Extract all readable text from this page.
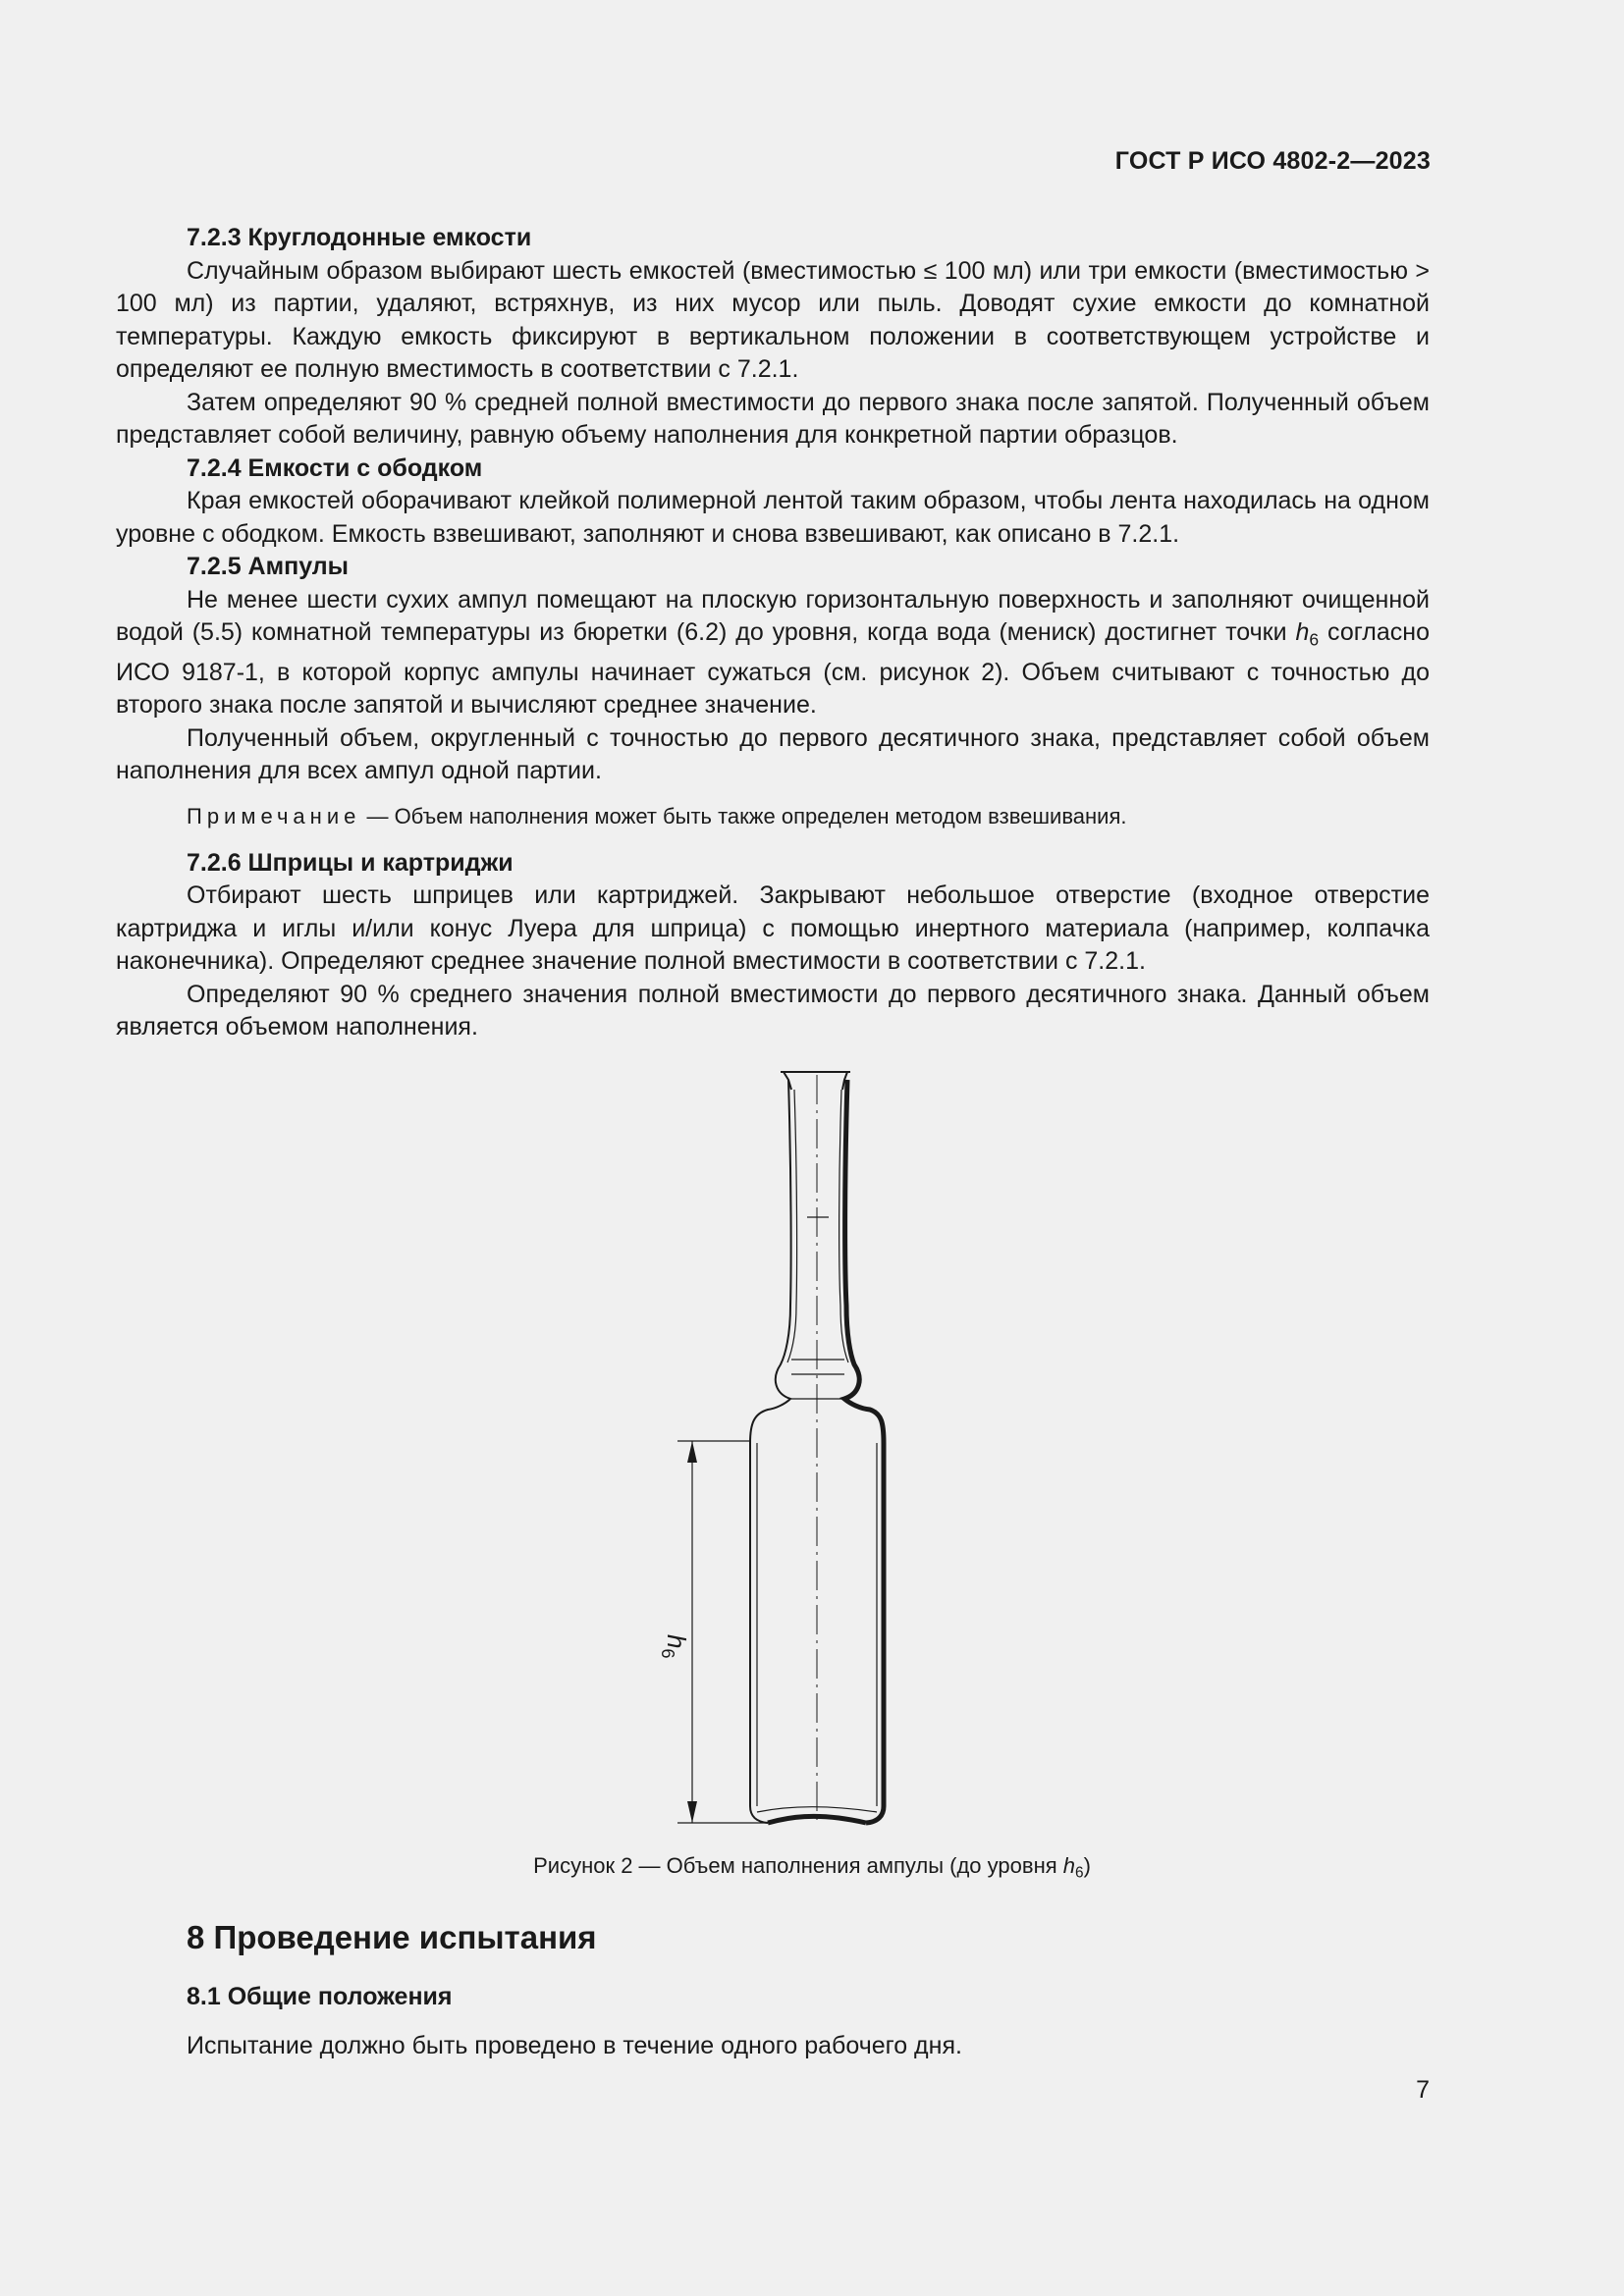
ГОСТ Р ИСО 4802-2—2023
7.2.3 Круглодонные емкости

Случайным образом выбирают шесть емкостей (вместимостью ≤ 100 мл) или три емкости (вместимостью > 100 мл) из партии, удаляют, встряхнув, из них мусор или пыль. Доводят сухие емкости до комнатной температуры. Каждую емкость фиксируют в вертикальном положении в соответствующем устройстве и определяют ее полную вместимость в соответствии с 7.2.1.

Затем определяют 90 % средней полной вместимости до первого знака после запятой. Полученный объем представляет собой величину, равную объему наполнения для конкретной партии образцов.

7.2.4 Емкости с ободком

Края емкостей оборачивают клейкой полимерной лентой таким образом, чтобы лента находилась на одном уровне с ободком. Емкость взвешивают, заполняют и снова взвешивают, как описано в 7.2.1.

7.2.5 Ампулы

Не менее шести сухих ампул помещают на плоскую горизонтальную поверхность и заполняют очищенной водой (5.5) комнатной температуры из бюретки (6.2) до уровня, когда вода (мениск) достигнет точки $h_6$ согласно ИСО 9187-1, в которой корпус ампулы начинает сужаться (см. рисунок 2). Объем считывают с точностью до второго знака после запятой и вычисляют среднее значение.

Полученный объем, округленный с точностью до первого десятичного знака, представляет собой объем наполнения для всех ампул одной партии.

Примечание — Объем наполнения может быть также определен методом взвешивания.
7.2.6 Шприцы и картриджи

Отбирают шесть шприцев или картриджей. Закрывают небольшое отверстие (входное отверстие картриджа и иглы и/или конус Луера для шприца) с помощью инертного материала (например, колпачка наконечника). Определяют среднее значение полной вместимости в соответствии с 7.2.1.

Определяют 90 % среднего значения полной вместимости до первого десятичного знака. Данный объем является объемом наполнения.

$h_6$
Рисунок 2 — Объем наполнения ампулы (до уровня $h_6$)
8 Проведение испытания
8.1 Общие положения
Испытание должно быть проведено в течение одного рабочего дня.
7
